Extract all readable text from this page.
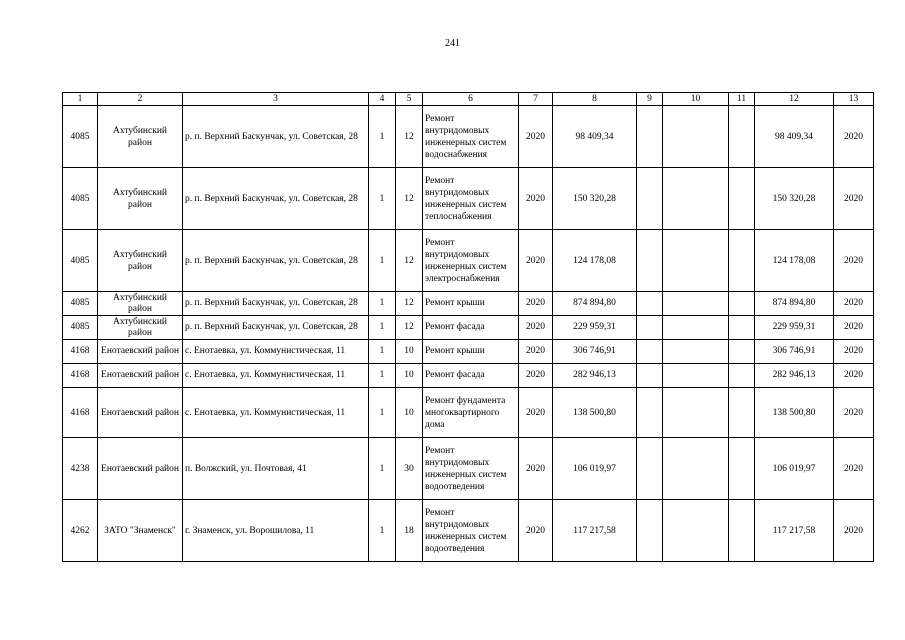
241
1	2	3	4	5	6	7	8	9	10	11	12	13
4085	Ахтубинский район	р. п. Верхний Баскунчак, ул. Советская, 28	1	12	Ремонт внутридомовых инженерных систем водоснабжения	2020	98 409,34				98 409,34	2020
4085	Ахтубинский район	р. п. Верхний Баскунчак, ул. Советская, 28	1	12	Ремонт внутридомовых инженерных систем теплоснабжения	2020	150 320,28				150 320,28	2020
4085	Ахтубинский район	р. п. Верхний Баскунчак, ул. Советская, 28	1	12	Ремонт внутридомовых инженерных систем электроснабжения	2020	124 178,08				124 178,08	2020
4085	Ахтубинский район	р. п. Верхний Баскунчак, ул. Советская, 28	1	12	Ремонт крыши	2020	874 894,80				874 894,80	2020
4085	Ахтубинский район	р. п. Верхний Баскунчак, ул. Советская, 28	1	12	Ремонт фасада	2020	229 959,31				229 959,31	2020
4168	Енотаевский район	с. Енотаевка, ул. Коммунистическая, 11	1	10	Ремонт крыши	2020	306 746,91				306 746,91	2020
4168	Енотаевский район	с. Енотаевка, ул. Коммунистическая, 11	1	10	Ремонт фасада	2020	282 946,13				282 946,13	2020
4168	Енотаевский район	с. Енотаевка, ул. Коммунистическая, 11	1	10	Ремонт фундамента многоквартирного дома	2020	138 500,80				138 500,80	2020
4238	Енотаевский район	п. Волжский, ул. Почтовая, 41	1	30	Ремонт внутридомовых инженерных систем водоотведения	2020	106 019,97				106 019,97	2020
4262	ЗАТО "Знаменск"	г. Знаменск, ул. Ворошилова, 11	1	18	Ремонт внутридомовых инженерных систем водоотведения	2020	117 217,58				117 217,58	2020
